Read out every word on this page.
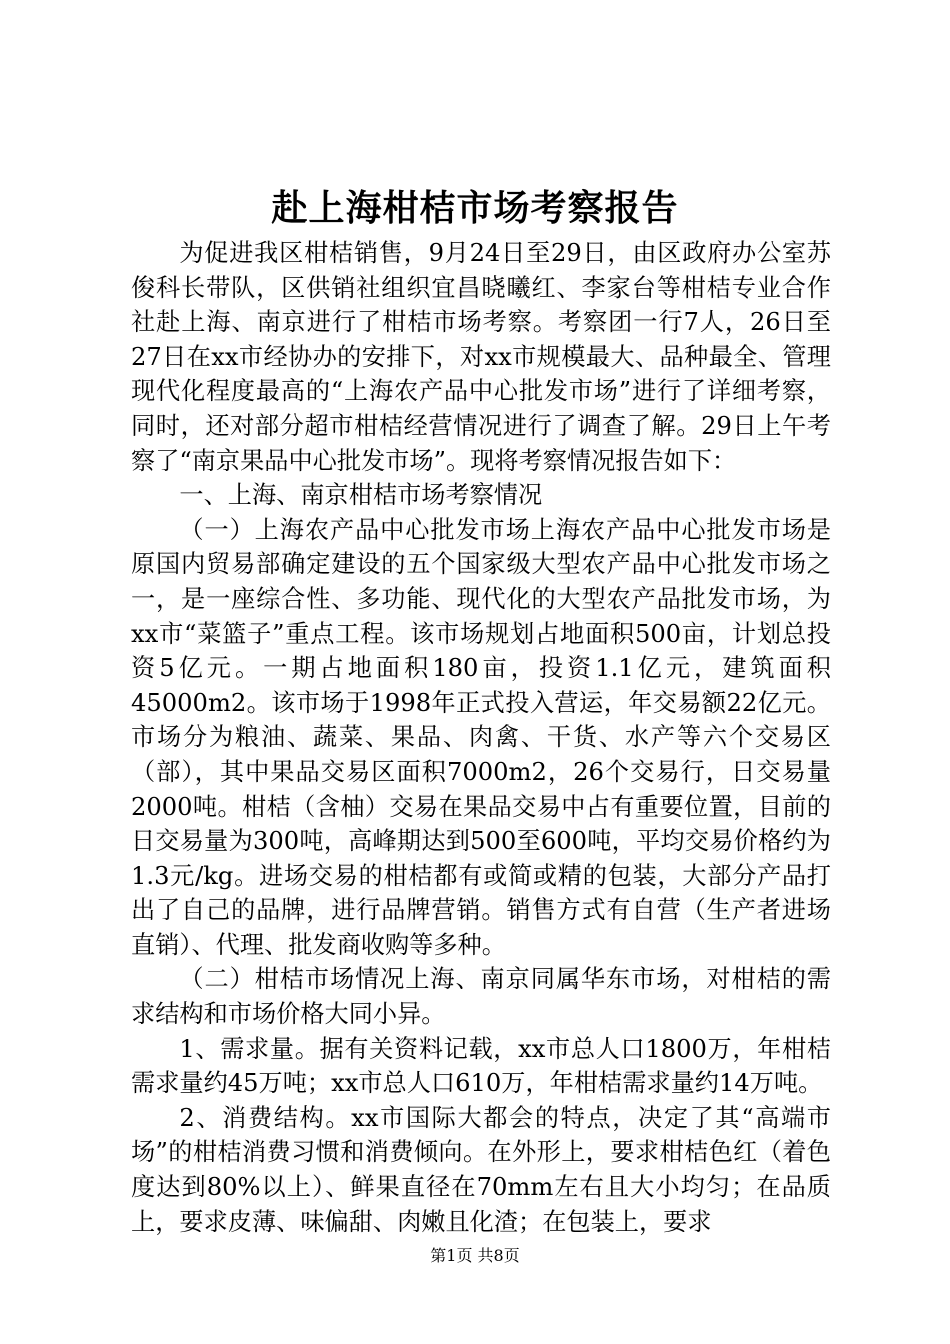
赴上海柑桔市场考察报告

为促进我区柑桔销售，9月24日至29日，由区政府办公室苏俊科长带队，区供销社组织宜昌晓曦红、李家台等柑桔专业合作社赴上海、南京进行了柑桔市场考察。考察团一行7人，26日至27日在xx市经协办的安排下，对xx市规模最大、品种最全、管理现代化程度最高的“上海农产品中心批发市场”进行了详细考察，同时，还对部分超市柑桔经营情况进行了调查了解。29日上午考察了“南京果品中心批发市场”。现将考察情况报告如下：

一、上海、南京柑桔市场考察情况

（一）上海农产品中心批发市场上海农产品中心批发市场是原国内贸易部确定建设的五个国家级大型农产品中心批发市场之一，是一座综合性、多功能、现代化的大型农产品批发市场，为xx市“菜篮子”重点工程。该市场规划占地面积500亩，计划总投资5亿元。一期占地面积180亩，投资1.1亿元，建筑面积45000m2。该市场于1998年正式投入营运，年交易额22亿元。市场分为粮油、蔬菜、果品、肉禽、干货、水产等六个交易区（部），其中果品交易区面积7000m2，26个交易行，日交易量2000吨。柑桔（含柚）交易在果品交易中占有重要位置，目前的日交易量为300吨，高峰期达到500至600吨，平均交易价格约为1.3元/kg。进场交易的柑桔都有或简或精的包装，大部分产品打出了自己的品牌，进行品牌营销。销售方式有自营（生产者进场直销）、代理、批发商收购等多种。

（二）柑桔市场情况上海、南京同属华东市场，对柑桔的需求结构和市场价格大同小异。

1、需求量。据有关资料记载，xx市总人口1800万，年柑桔需求量约45万吨；xx市总人口610万，年柑桔需求量约14万吨。

2、消费结构。xx市国际大都会的特点，决定了其“高端市场”的柑桔消费习惯和消费倾向。在外形上，要求柑桔色红（着色度达到80%以上）、鲜果直径在70mm左右且大小均匀；在品质上，要求皮薄、味偏甜、肉嫩且化渣；在包装上，要求

第1页 共8页
